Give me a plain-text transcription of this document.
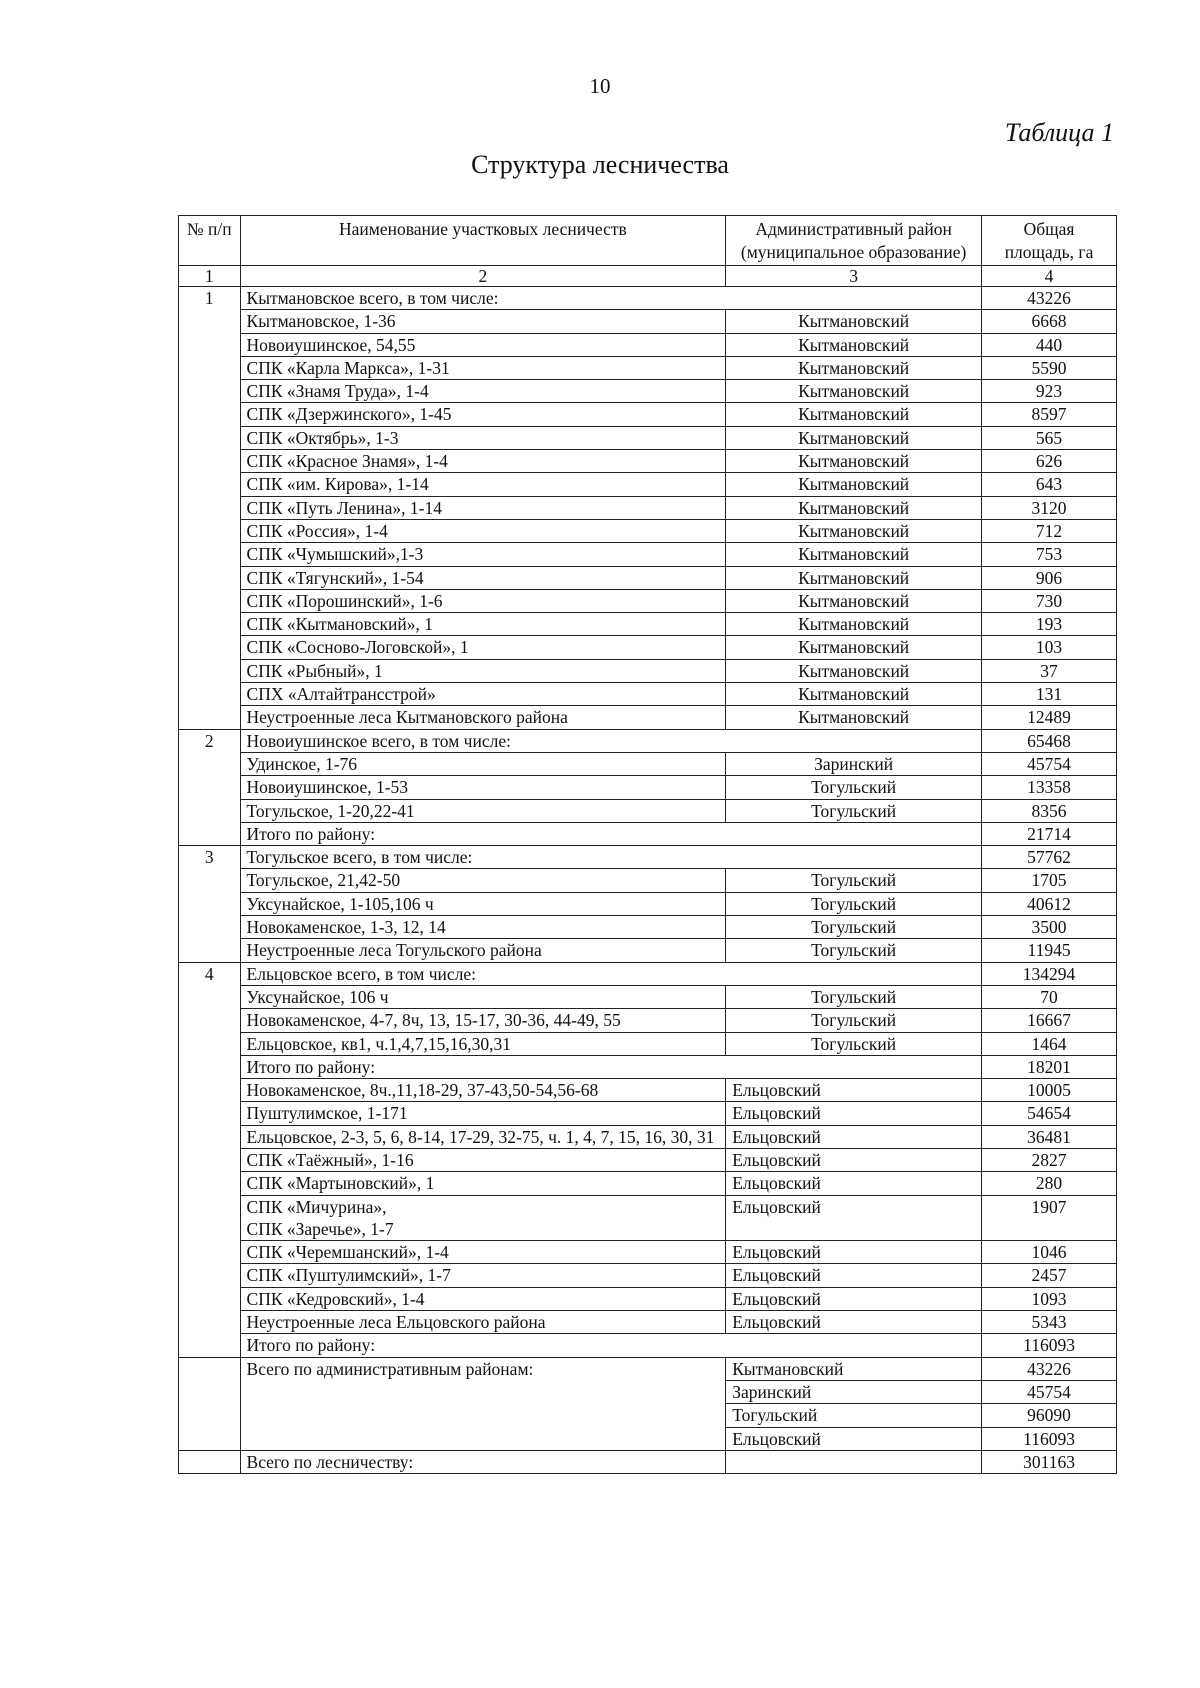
10
Таблица 1
Структура лесничества
№ п/п	Наименование участковых лесничеств	Административный район (муниципальное образование)	Общая площадь, га
1	2	3	4
1	Кытмановское всего, в том числе:		43226

	Кытмановское, 1-36	Кытмановский	6668

	Новоиушинское, 54,55	Кытмановский	440

	СПК «Карла Маркса», 1-31	Кытмановский	5590

	СПК «Знамя Труда», 1-4	Кытмановский	923

	СПК «Дзержинского», 1-45	Кытмановский	8597

	СПК «Октябрь», 1-3	Кытмановский	565

	СПК «Красное Знамя», 1-4	Кытмановский	626

	СПК «им. Кирова», 1-14	Кытмановский	643

	СПК «Путь Ленина», 1-14	Кытмановский	3120

	СПК «Россия», 1-4	Кытмановский	712

	СПК «Чумышский»,1-3	Кытмановский	753

	СПК «Тягунский», 1-54	Кытмановский	906

	СПК «Порошинский», 1-6	Кытмановский	730

	СПК «Кытмановский», 1	Кытмановский	193

	СПК «Сосново-Логовской», 1	Кытмановский	103

	СПК «Рыбный», 1	Кытмановский	37

	СПХ «Алтайтрансстрой»	Кытмановский	131

	Неустроенные леса Кытмановского района	Кытмановский	12489
2	Новоиушинское всего, в том числе:		65468

	Удинское, 1-76	Заринский	45754

	Новоиушинское, 1-53	Тогульский	13358

	Тогульское, 1-20,22-41	Тогульский	8356
	Итого по району:		21714
3	Тогульское всего, в том числе:		57762

	Тогульское, 21,42-50	Тогульский	1705

	Уксунайское, 1-105,106 ч	Тогульский	40612

	Новокаменское, 1-3, 12, 14	Тогульский	3500

	Неустроенные леса Тогульского района	Тогульский	11945
4	Ельцовское всего, в том числе:		134294

	Уксунайское, 106 ч	Тогульский	70

	Новокаменское, 4-7, 8ч, 13, 15-17, 30-36, 44-49, 55	Тогульский	16667

	Ельцовское, кв1, ч.1,4,7,15,16,30,31	Тогульский	1464
	Итого по району:		18201

	Новокаменское, 8ч.,11,18-29, 37-43,50-54,56-68	Ельцовский	10005

	Пуштулимское, 1-171	Ельцовский	54654

	Ельцовское, 2-3, 5, 6, 8-14, 17-29, 32-75, ч. 1, 4, 7, 15, 16, 30, 31	Ельцовский	36481

	СПК «Таёжный», 1-16	Ельцовский	2827

	СПК «Мартыновский», 1	Ельцовский	280

	СПК «Мичурина»,
СПК «Заречье», 1-7	Ельцовский	1907

	СПК «Черемшанский», 1-4	Ельцовский	1046

	СПК «Пуштулимский», 1-7	Ельцовский	2457

	СПК «Кедровский», 1-4	Ельцовский	1093

	Неустроенные леса Ельцовского района	Ельцовский	5343
	Итого по району:		116093
	Всего по административным районам:	Кытмановский	43226
		Заринский	45754
		Тогульский	96090
		Ельцовский	116093
	Всего по лесничеству:		301163
